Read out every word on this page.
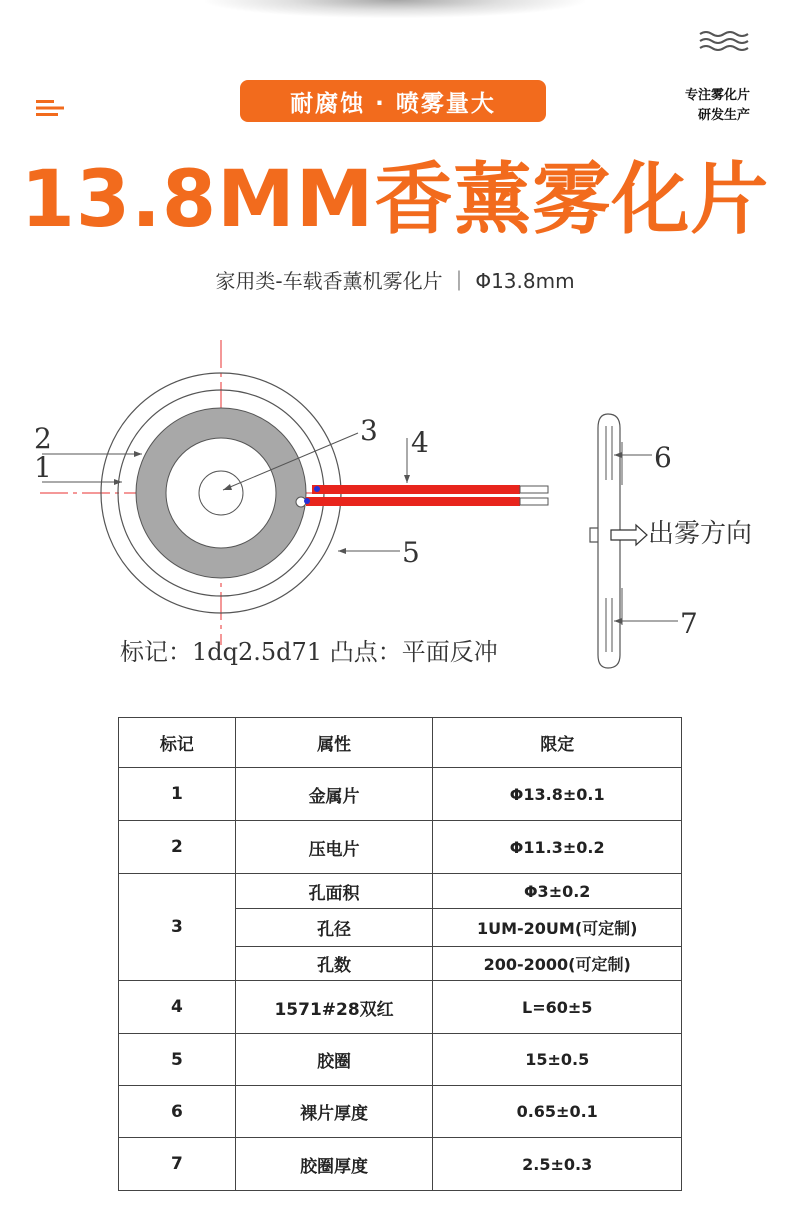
耐腐蚀 · 喷雾量大	专注雾化片
研发生产
13.8MM香薰雾化片
家用类-车载香薰机雾化片 ｜ Φ13.8mm
2
1
3 4
5
6
7
出雾方向
标记：1dq2.5d71 凸点：平面反冲
标记	属性	限定
1	金属片	Φ13.8±0.1
2	压电片	Φ11.3±0.2
3	孔面积	Φ3±0.2
	孔径	1UM-20UM(可定制)
	孔数	200-2000(可定制)
4	1571#28双红	L=60±5
5	胶圈	15±0.5
6	裸片厚度	0.65±0.1
7	胶圈厚度	2.5±0.3
